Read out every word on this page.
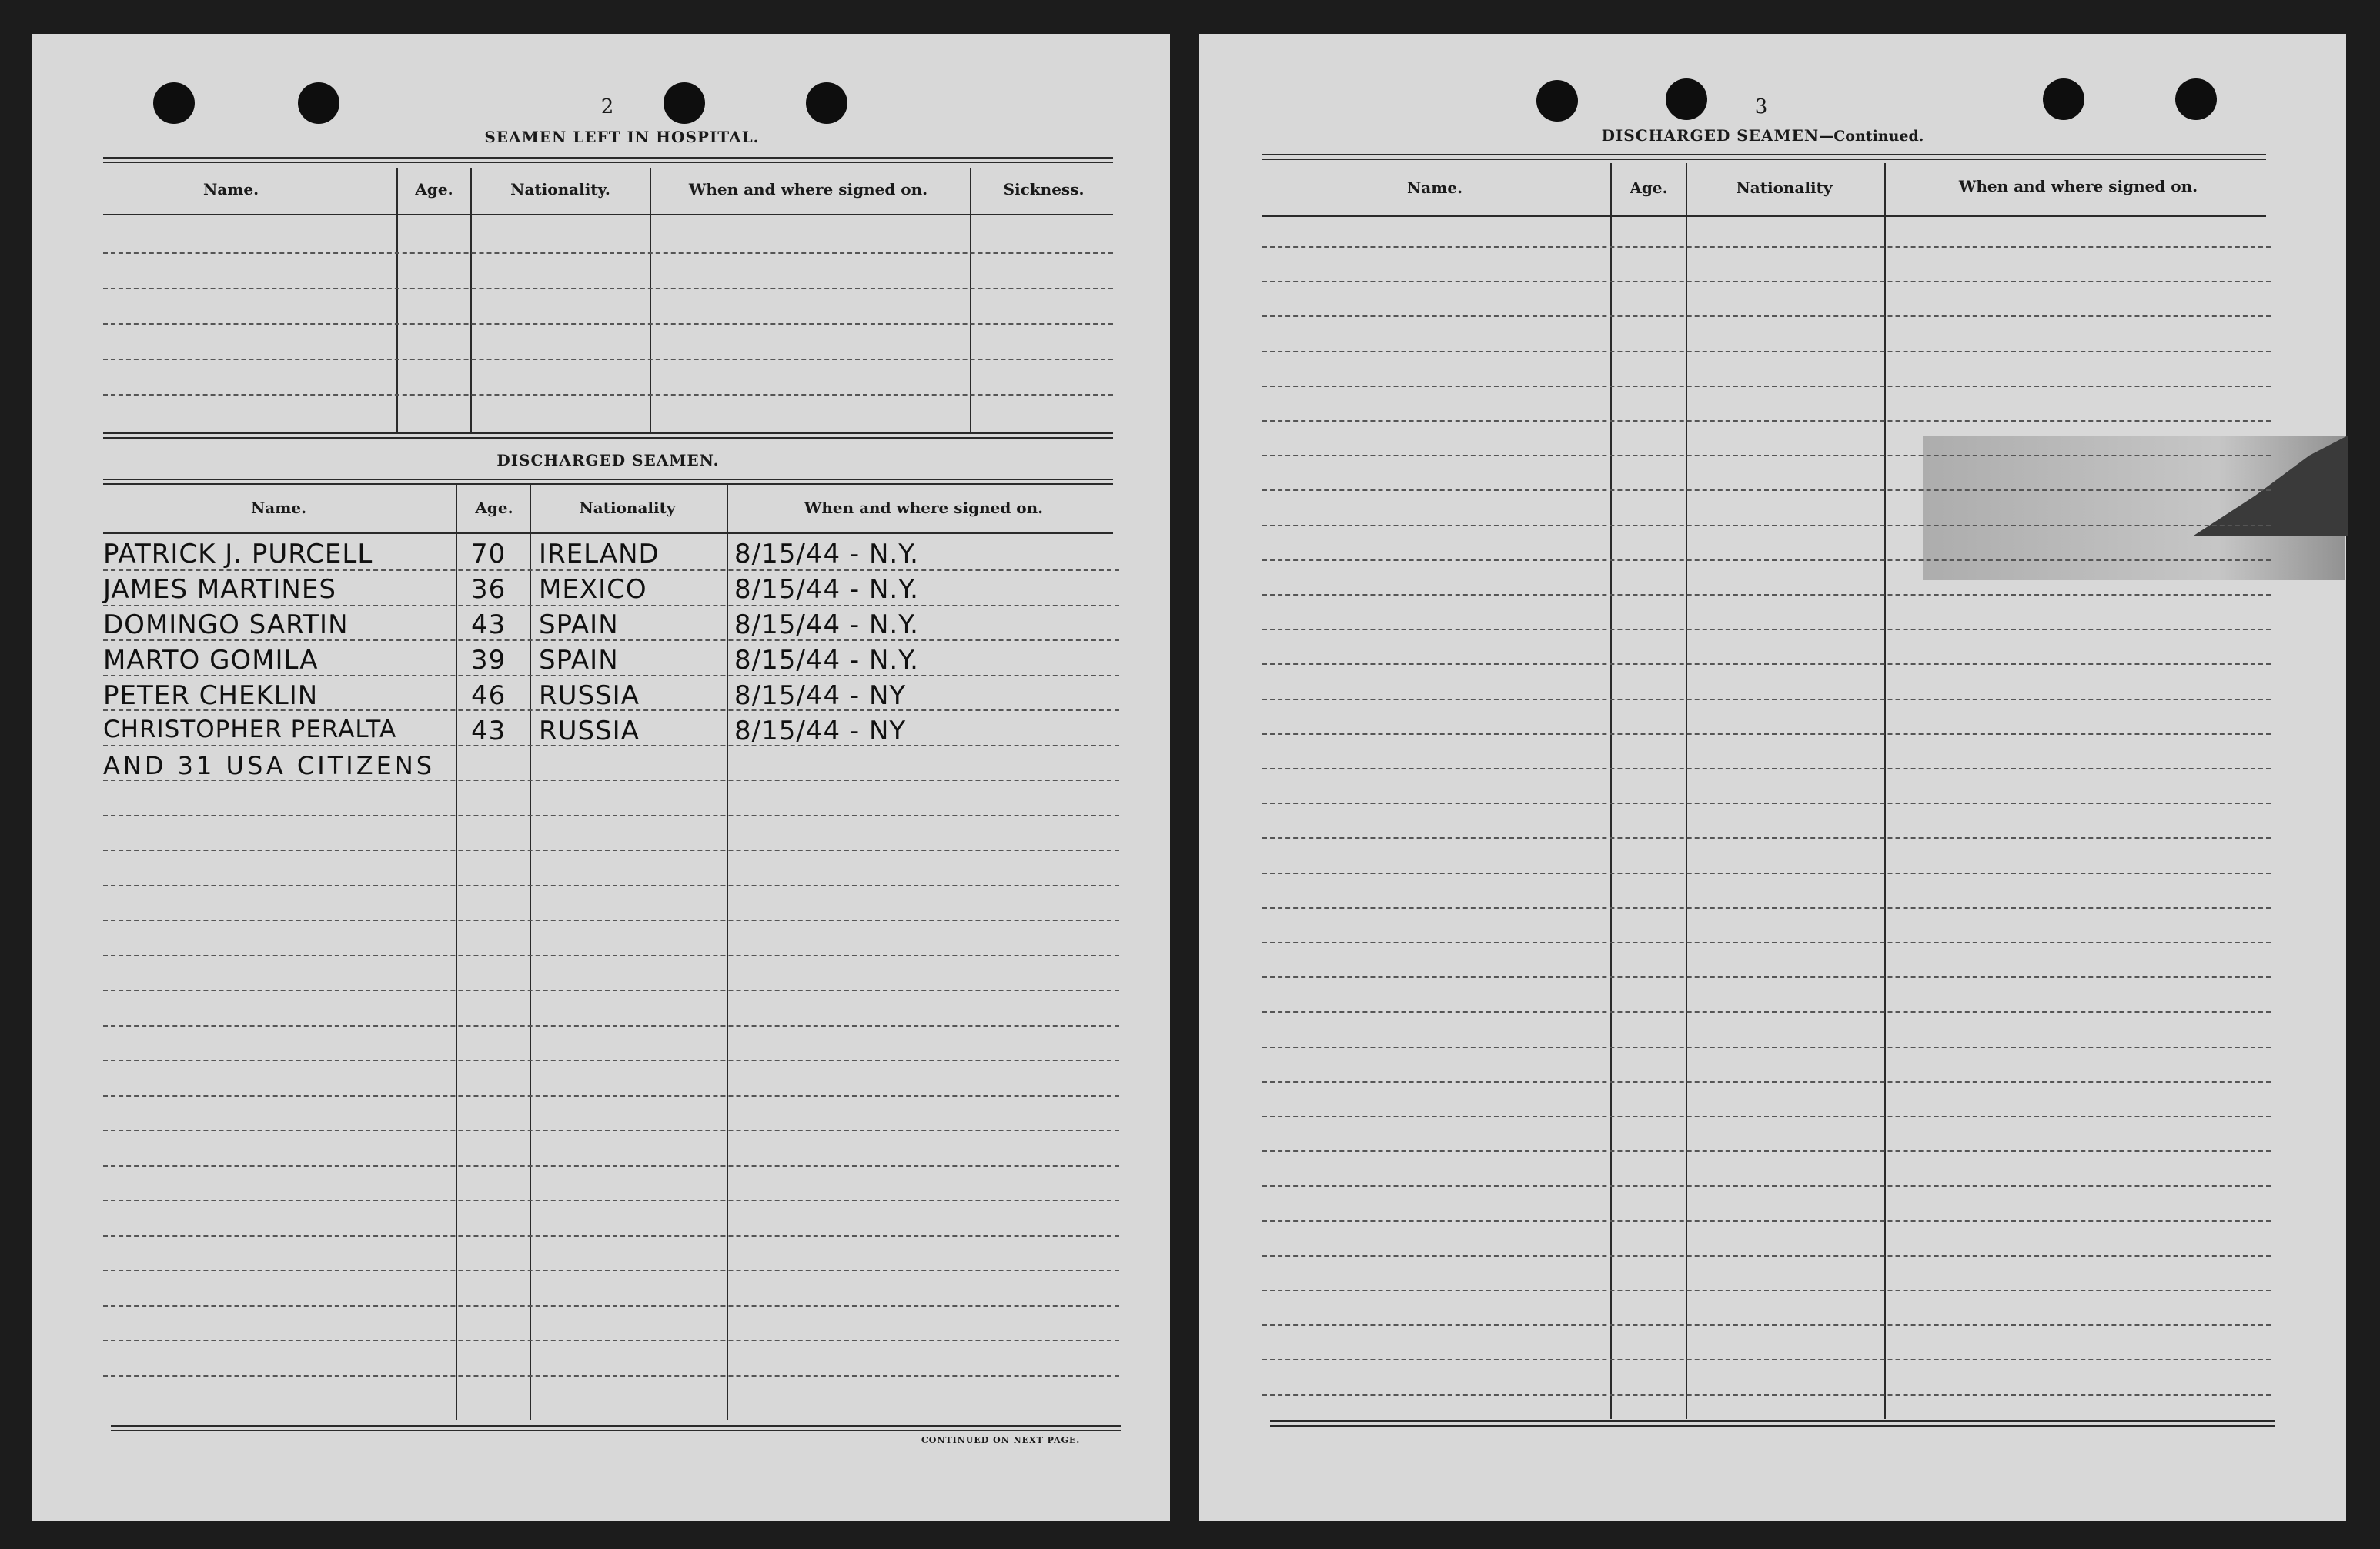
2
SEAMEN LEFT IN HOSPITAL.
Name.	Age.	Nationality.	When and where signed on.	Sickness.
DISCHARGED SEAMEN.
Name.	Age.	Nationality	When and where signed on.
PATRICK J. PURCELL	70 IRELAND	8/15/44 - N.Y.
JAMES MARTINES	36 MEXICO	8/15/44 - N.Y.
DOMINGO SARTIN	43 SPAIN	8/15/44 - N.Y.
MARTO GOMILA	39 SPAIN	8/15/44 - N.Y.
PETER CHEKLIN	46 RUSSIA	8/15/44 - NY
CHRISTOPHER PERALTA	43 RUSSIA	8/15/44 - NY
AND 31 USA CITIZENS
CONTINUED ON NEXT PAGE.
3
DISCHARGED SEAMEN—Continued.
Name.	Age.	Nationality	When and where signed on.
